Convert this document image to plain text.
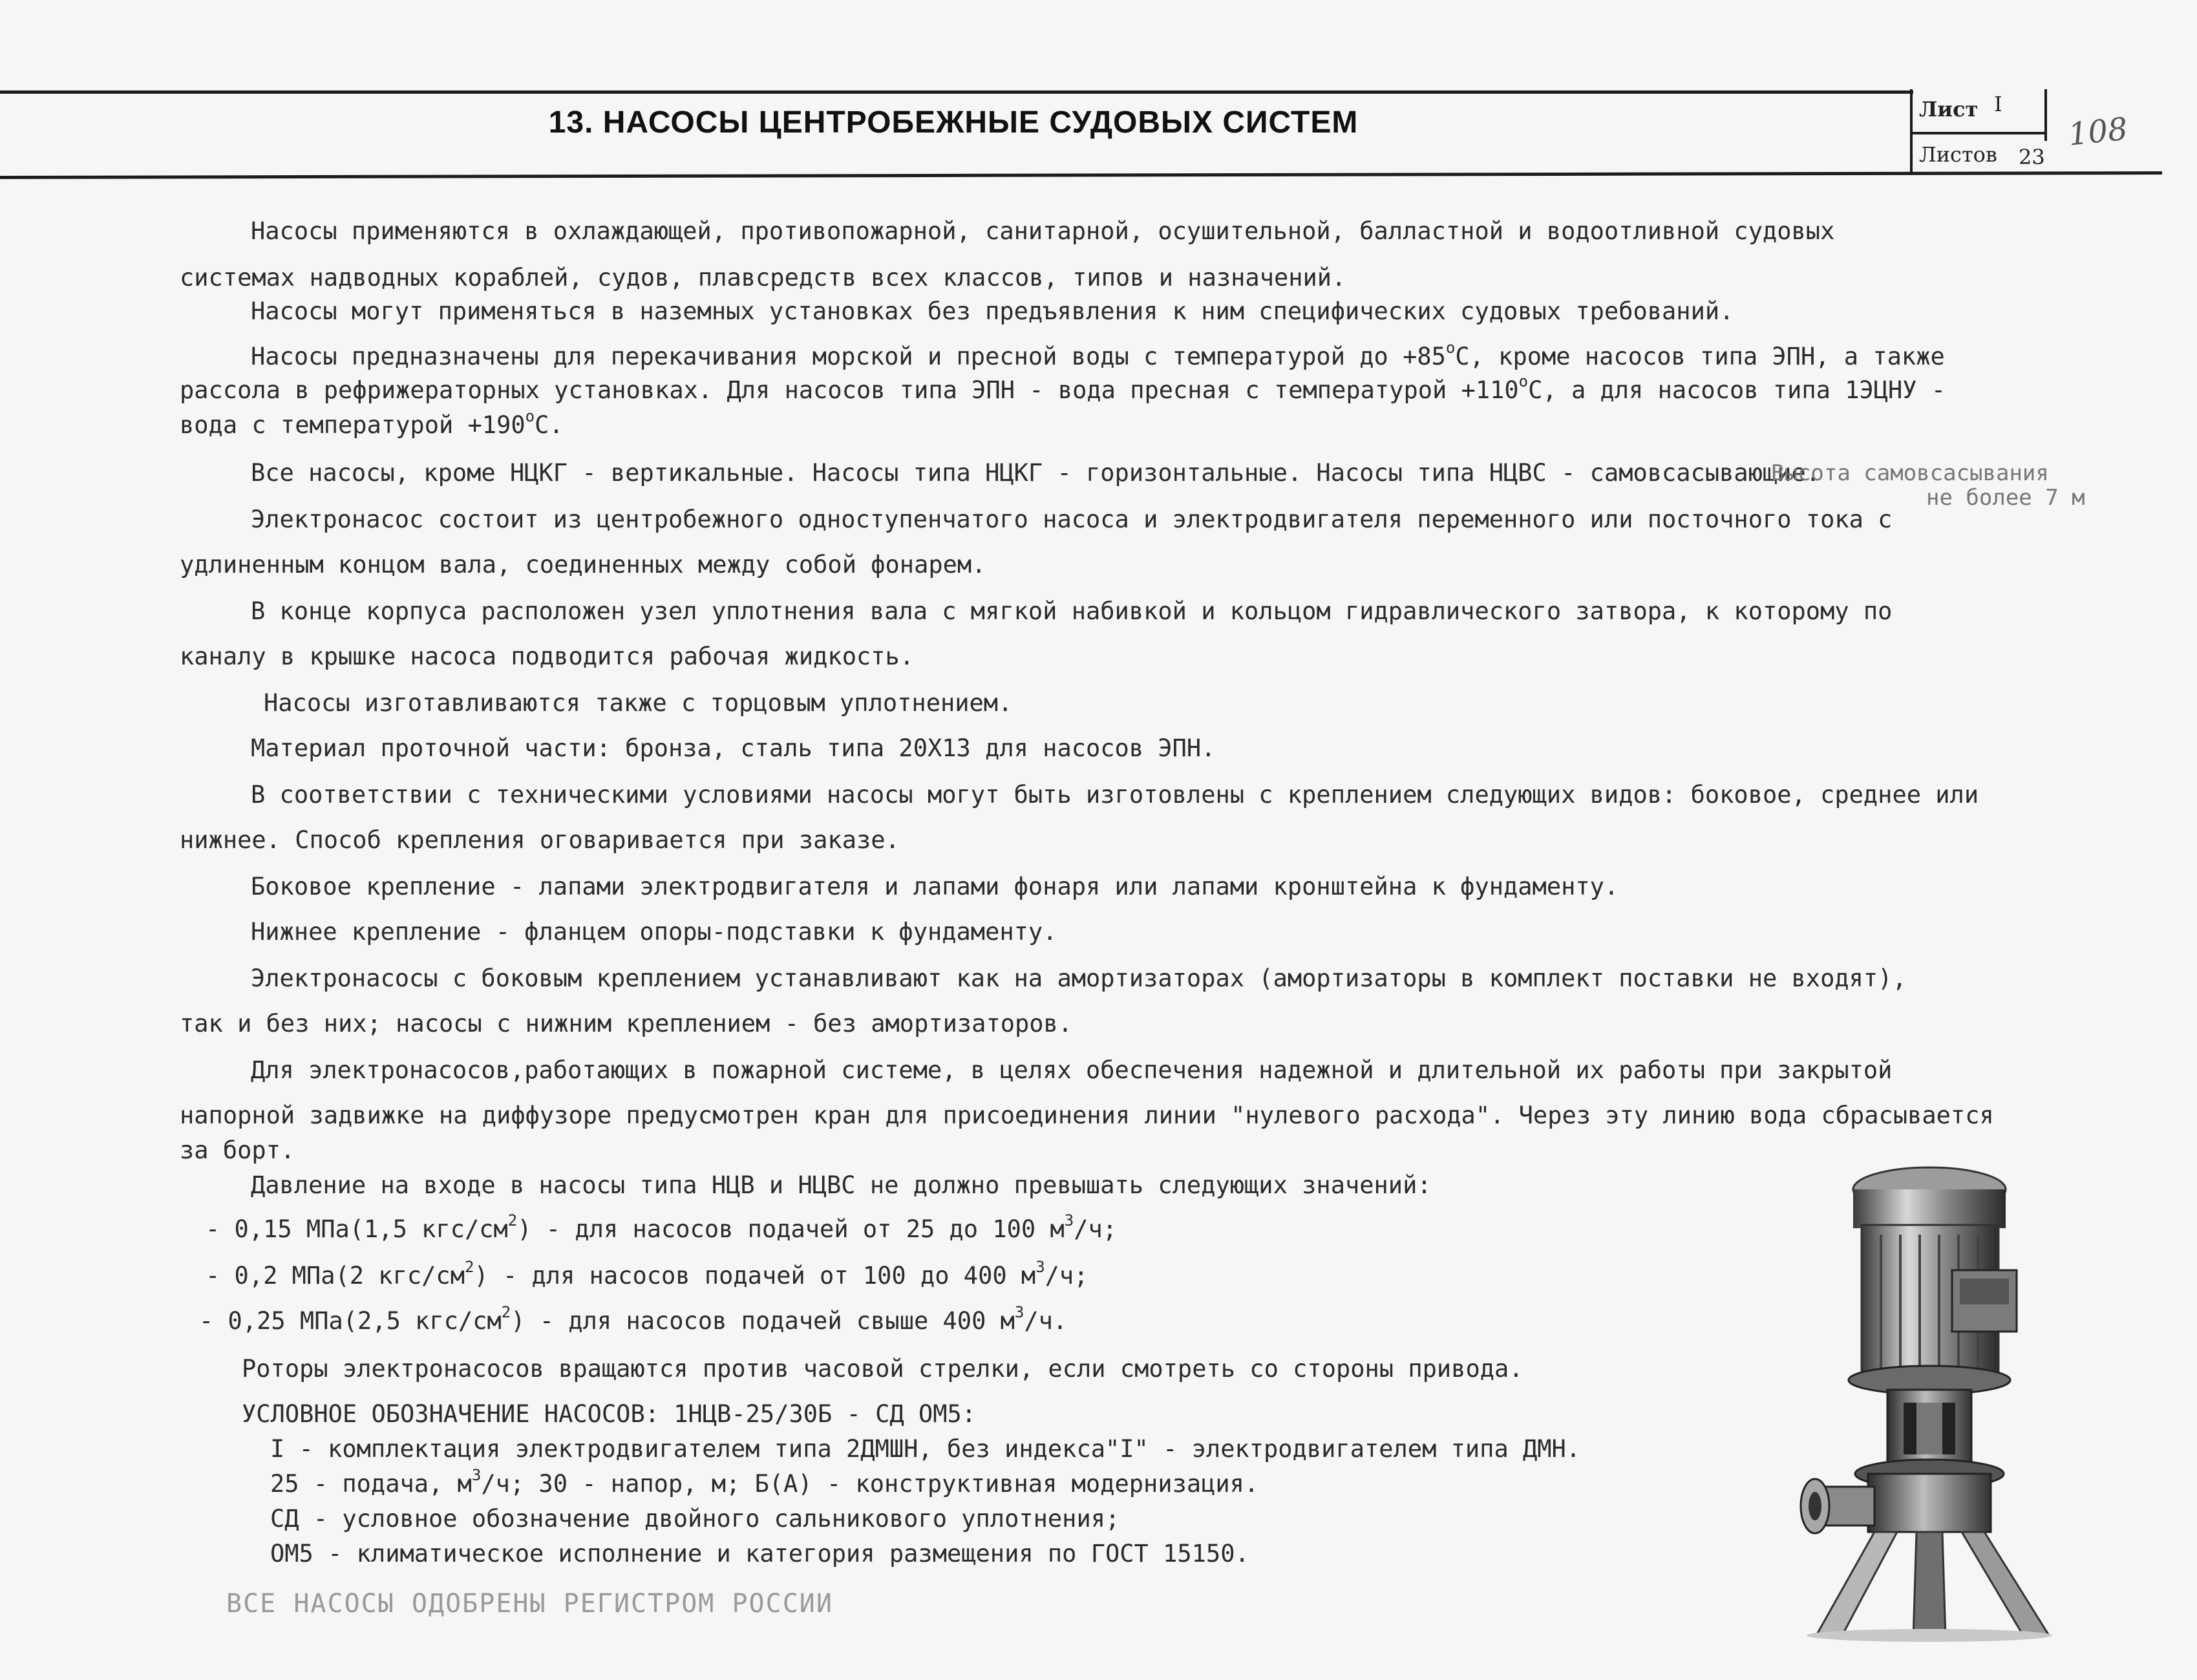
13. НАСОСЫ ЦЕНТРОБЕЖНЫЕ СУДОВЫХ СИСТЕМ	Лист I
Листов 23
108
Насосы применяются в охлаждающей, противопожарной, санитарной, осушительной, балластной и водоотливной судовых
системах надводных кораблей, судов, плавсредств всех классов, типов и назначений.
Насосы могут применяться в наземных установках без предъявления к ним специфических судовых требований.
Насосы предназначены для перекачивания морской и пресной воды с температурой до $+85^oС$, кроме насосов типа ЭПН, а также
рассола в рефрижераторных установках. Для насосов типа ЭПН - вода пресная с температурой $+110^oС$, а для насосов типа 1ЭЦНУ -
вода с температурой $+190^oС$.
Все насосы, кроме НЦКГ - вертикальные. Насосы типа НЦКГ - горизонтальные. Насосы типа НЦВС - самовсасывающие.
Высота самовсасывания
не более 7 м
Электронасос состоит из центробежного одноступенчатого насоса и электродвигателя переменного или посточного тока с
удлиненным концом вала, соединенных между собой фонарем.
В конце корпуса расположен узел уплотнения вала с мягкой набивкой и кольцом гидравлического затвора, к которому по
каналу в крышке насоса подводится рабочая жидкость.
Насосы изготавливаются также с торцовым уплотнением.
Материал проточной части: бронза, сталь типа 20Х13 для насосов ЭПН.
В соответствии с техническими условиями насосы могут быть изготовлены с креплением следующих видов: боковое, среднее или
нижнее. Способ крепления оговаривается при заказе.
Боковое крепление - лапами электродвигателя и лапами фонаря или лапами кронштейна к фундаменту.
Нижнее крепление - фланцем опоры-подставки к фундаменту.
Электронасосы с боковым креплением устанавливают как на амортизаторах (амортизаторы в комплект поставки не входят),
так и без них; насосы с нижним креплением - без амортизаторов.
Для электронасосов,работающих в пожарной системе, в целях обеспечения надежной и длительной их работы при закрытой
напорной задвижке на диффузоре предусмотрен кран для присоединения линии "нулевого расхода". Через эту линию вода сбрасывается
за борт.
Давление на входе в насосы типа НЦВ и НЦВС не должно превышать следующих значений:
- 0,15 МПа(1,5 кгс/$см^2$) - для насосов подачей от 25 до 100 $м^3/ч$;
- 0,2 МПа(2 кгс/$см^2$) - для насосов подачей от 100 до 400 $м^3/ч$;
- 0,25 МПа(2,5 кгс/$см^2$) - для насосов подачей свыше 400 $м^3/ч$.
Роторы электронасосов вращаются против часовой стрелки, если смотреть со стороны привода.
УСЛОВНОЕ ОБОЗНАЧЕНИЕ НАСОСОВ: 1НЦВ-25/30Б - СД ОМ5:
I - комплектация электродвигателем типа 2ДМШН, без индекса"I" - электродвигателем типа ДМН.
25 - подача, $м^3/ч$; 30 - напор, м; Б(А) - конструктивная модернизация.
СД - условное обозначение двойного сальникового уплотнения;
ОМ5 - климатическое исполнение и категория размещения по ГОСТ 15150.
ВСЕ НАСОСЫ ОДОБРЕНЫ РЕГИСТРОМ РОССИИ
